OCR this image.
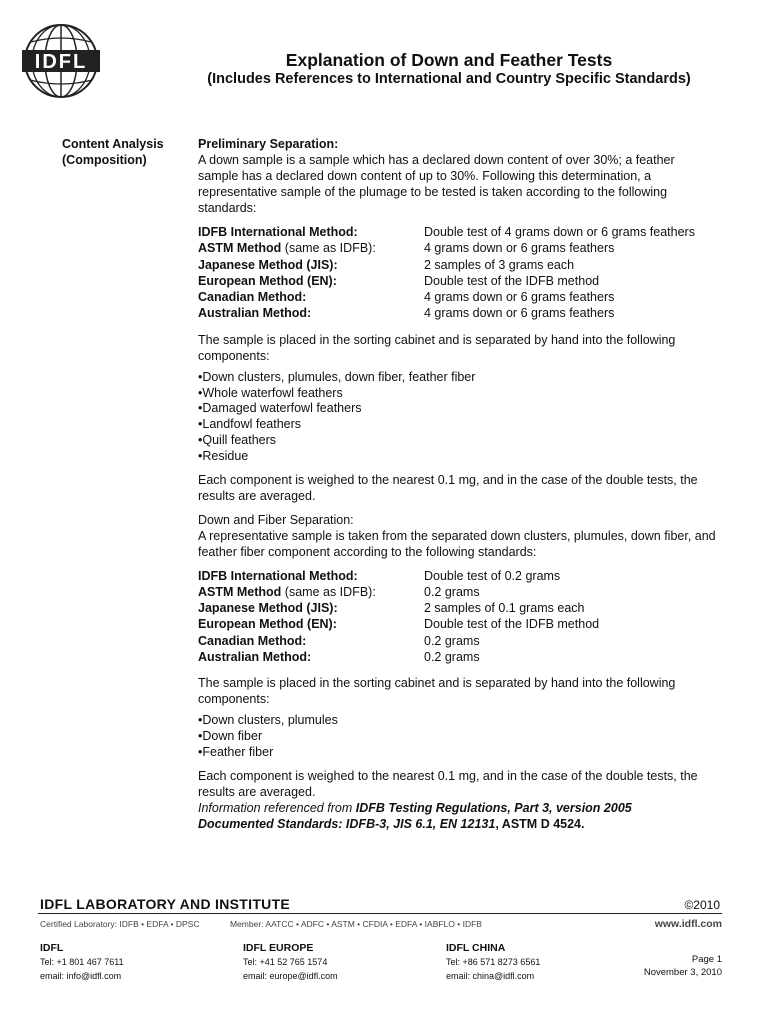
IDFL	Explanation of Down and Feather Tests
(Includes References to International and Country Specific Standards)
Content Analysis
(Composition)

Preliminary Separation:

A down sample is a sample which has a declared down content of over 30%; a feather sample has a declared down content of up to 30%. Following this determination, a representative sample of the plumage to be tested is taken according to the following standards:

IDFB International Method:	Double test of 4 grams down or 6 grams feathers
ASTM Method (same as IDFB):	4 grams down or 6 grams feathers
Japanese Method (JIS):	2 samples of 3 grams each
European Method (EN):	Double test of the IDFB method
Canadian Method:	4 grams down or 6 grams feathers
Australian Method:	4 grams down or 6 grams feathers

The sample is placed in the sorting cabinet and is separated by hand into the following components:

•Down clusters, plumules, down fiber, feather fiber
•Whole waterfowl feathers
•Damaged waterfowl feathers
•Landfowl feathers
•Quill feathers
•Residue

Each component is weighed to the nearest 0.1 mg, and in the case of the double tests, the results are averaged.

Down and Fiber Separation:

A representative sample is taken from the separated down clusters, plumules, down fiber, and feather fiber component according to the following standards:

IDFB International Method:	Double test of 0.2 grams
ASTM Method (same as IDFB):	0.2 grams
Japanese Method (JIS):	2 samples of 0.1 grams each
European Method (EN):	Double test of the IDFB method
Canadian Method:	0.2 grams
Australian Method:	0.2 grams

The sample is placed in the sorting cabinet and is separated by hand into the following components:

•Down clusters, plumules
•Down fiber
•Feather fiber

Each component is weighed to the nearest 0.1 mg, and in the case of the double tests, the results are averaged.

Information referenced from IDFB Testing Regulations, Part 3, version 2005
Documented Standards: IDFB-3, JIS 6.1, EN 12131, ASTM D 4524.

IDFL LABORATORY AND INSTITUTE	©2010
Certified Laboratory: IDFB • EDFA • DPSC	Member: AATCC • ADFC • ASTM • CFDIA • EDFA • IABFLO • IDFB	www.idfl.com
IDFL
Tel: +1 801 467 7611
email: info@idfl.com
IDFL EUROPE
Tel: +41 52 765 1574
email: europe@idfl.com
IDFL CHINA
Tel: +86 571 8273 6561
email: china@idfl.com
Page 1
November 3, 2010
